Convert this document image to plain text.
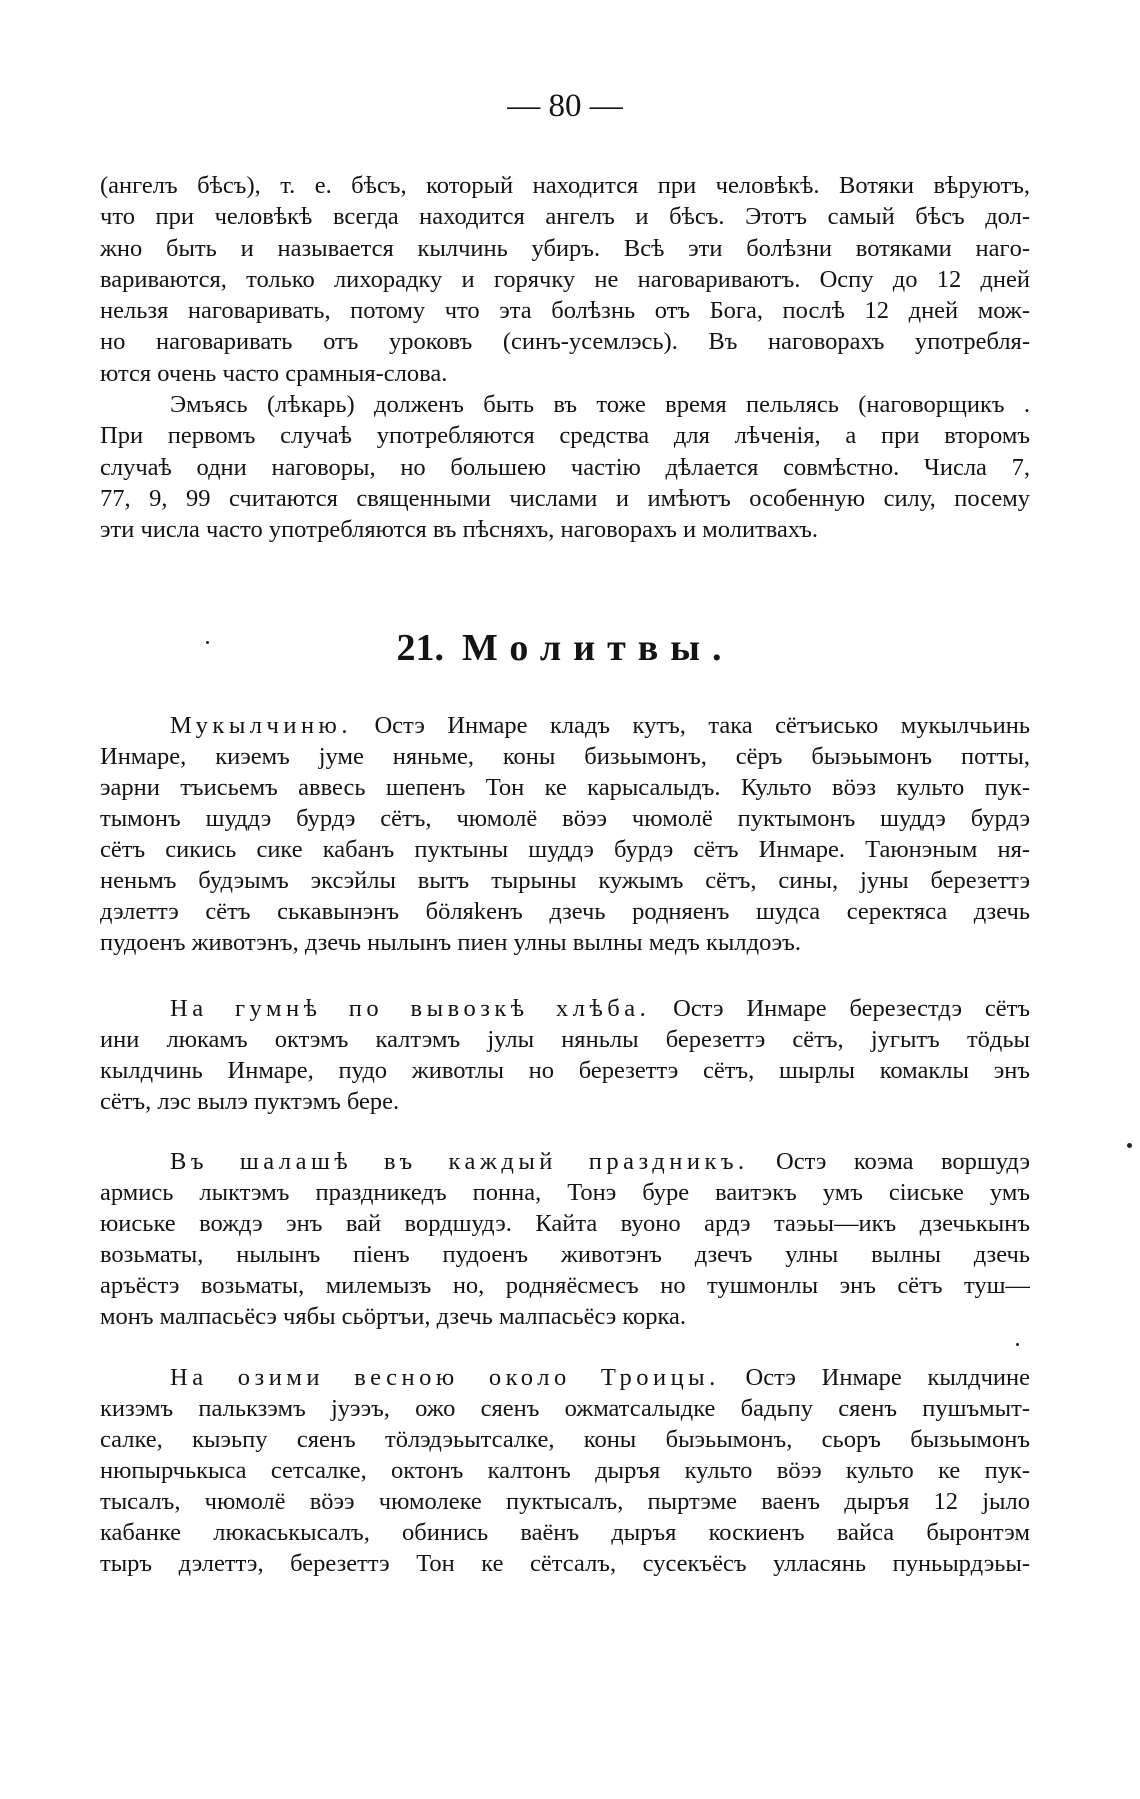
— 80 —
(ангелъ бѣсъ), т. е. бѣсъ, который находится при человѣкѣ. Вотяки вѣруютъ,
что при человѣкѣ всегда находится ангелъ и бѣсъ. Этотъ самый бѣсъ дол-
жно быть и называется кылчинь убиръ. Всѣ эти болѣзни вотяками нагo-
вариваются, только лихорадку и горячку не наговариваютъ. Оспу до 12 дней
нельзя наговаривать, потому что эта болѣзнь отъ Бога, послѣ 12 дней мож-
но наговаривать отъ уроковъ (синъ-усемлэсь). Въ наговорахъ употребля-
ются очень часто срамныя-слова.
Эмъясь (лѣкарь) долженъ быть въ тоже время пельлясь (наговорщикъ .
При первомъ случаѣ употребляются средства для лѣченія, а при второмъ
случаѣ одни наговоры, но большею частію дѣлается совмѣстно. Числа 7,
77, 9, 99 считаются священными числами и имѣютъ особенную силу, посему
эти числа часто употребляются въ пѣсняхъ, наговорахъ и молитвахъ.
21. Молитвы.
Мукылчиню. Остэ Инмаре кладъ кутъ, така сётъисько мукылчьинь
Инмаре, киэемъ јуме няньме, коны бизьымонъ, сёръ быэьымонъ потты,
эарни тъисьемъ аввесь шепенъ Тон ке карысалыдъ. Культо вöэз культо пук-
тымонъ шуддэ бурдэ сётъ, чюмолё вöээ чюмолё пуктымонъ шуддэ бурдэ
сётъ сикись сике кабанъ пуктыны шуддэ бурдэ сётъ Инмаре. Таюнэным ня-
неньмъ будэымъ эксэйлы вытъ тырыны кужымъ сётъ, сины, јуны березеттэ
дэлеттэ сётъ ськавынэнъ бöляkенъ дзечь родняенъ шудса серектяса дзечь
пудоенъ животэнъ, дзечь нылынъ пиен улны вылны медъ кылдоэъ.
На гумнѣ по вывозкѣ хлѣба. Остэ Инмаре березестдэ сётъ
ини люкамъ октэмъ калтэмъ јулы няньлы березеттэ сётъ, југытъ тöдьы
кылдчинь Инмаре, пудо животлы но березеттэ сётъ, шырлы комаклы энъ
сётъ, лэс вылэ пуктэмъ бере.
Въ шалашѣ въ каждый праздникъ. Остэ коэма воршудэ
армись лыктэмъ праздникедъ понна, Тонэ буре ваитэкъ умъ сiиське умъ
юиське вождэ энъ вай вордшудэ. Кайта вуоно ардэ таэьы—икъ дзечькынъ
возьматы, нылынъ пiенъ пудоенъ животэнъ дзечъ улны вылны дзечь
аръёстэ возьматы, милемызъ но, родняёсмесъ но тушмонлы энъ сётъ туш—
монъ малпасьёсэ чябы сьöртъи, дзечь малпасьёсэ корка.
На озими весною около Троицы. Остэ Инмаре кылдчине
кизэмъ палькзэмъ јуээъ, ожо сяенъ ожматсалыдке бадьпу сяенъ пушъмыт-
салке, кыэьпу сяенъ тöлэдэьытсалке, коны быэьымонъ, сьоръ бызьымонъ
нюпырчькыса сетсалке, октонъ калтонъ дыръя культо вöээ культо ке пук-
тысалъ, чюмолё вöээ чюмолеке пуктысалъ, пыртэме ваенъ дыръя 12 јыло
кабанке люкаськысалъ, обинись ваёнъ дыръя коскиенъ вайса быронтэм
тыръ дэлеттэ, березеттэ Тон ке сётсалъ, сусекъёсъ улласянь пуньырдэьы-
